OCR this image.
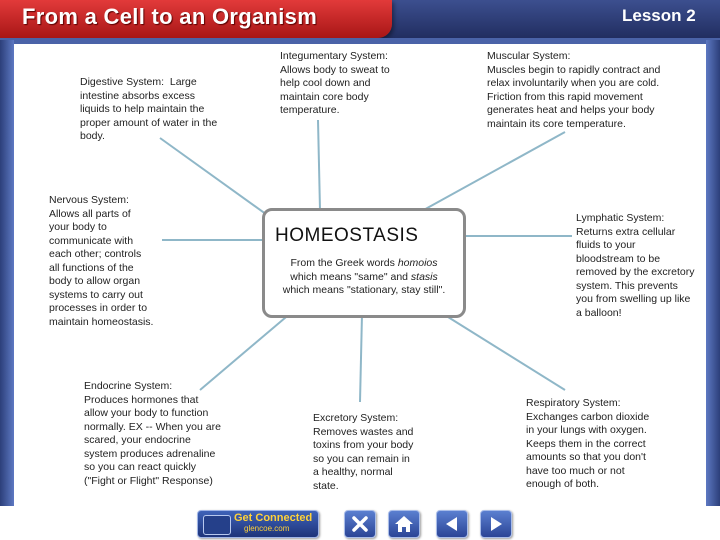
From a Cell to an Organism	Lesson 2
Digestive System: Large
intestine absorbs excess
liquids to help maintain the
proper amount of water in the
body.
Integumentary System:
Allows body to sweat to
help cool down and
maintain core body
temperature.
Muscular System:
Muscles begin to rapidly contract and
relax involuntarily when you are cold.
Friction from this rapid movement
generates heat and helps your body
maintain its core temperature.
Nervous System:
Allows all parts of
your body to
communicate with
each other; controls
all functions of the
body to allow organ
systems to carry out
processes in order to
maintain homeostasis.
HOMEOSTASIS
From the Greek words homoios
which means "same" and stasis
which means "stationary, stay still".
Lymphatic System:
Returns extra cellular
fluids to your
bloodstream to be
removed by the excretory
system. This prevents
you from swelling up like
a balloon!
Endocrine System:
Produces hormones that
allow your body to function
normally. EX -- When you are
scared, your endocrine
system produces adrenaline
so you can react quickly
("Fight or Flight" Response)
Excretory System:
Removes wastes and
toxins from your body
so you can remain in
a healthy, normal
state.
Respiratory System:
Exchanges carbon dioxide
in your lungs with oxygen.
Keeps them in the correct
amounts so that you don't
have too much or not
enough of both.
Get Connected
glencoe.com
